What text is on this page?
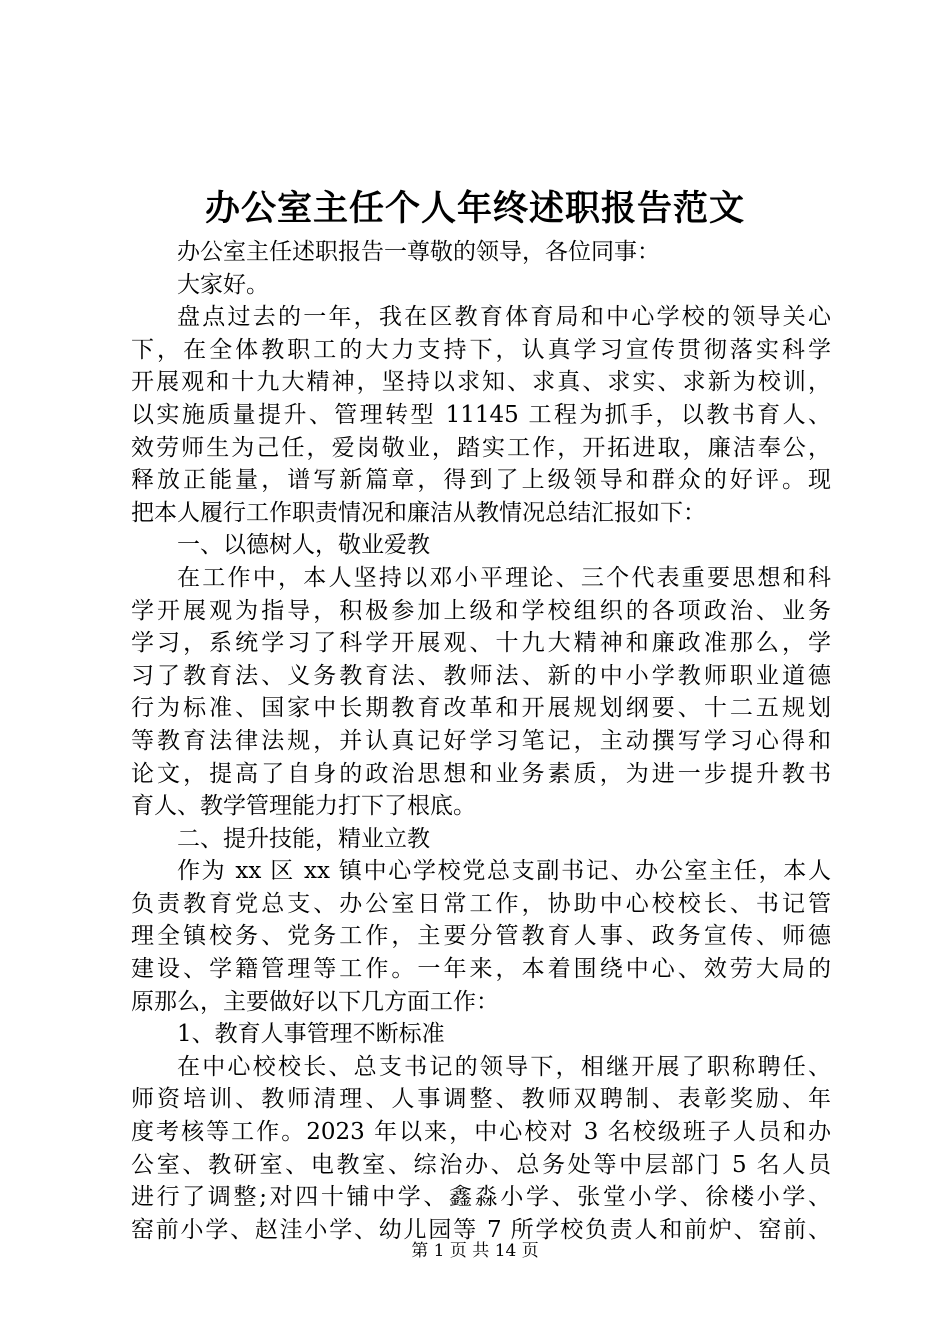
办公室主任个人年终述职报告范文
办公室主任述职报告一尊敬的领导，各位同事：
大家好。
盘点过去的一年，我在区教育体育局和中心学校的领导关心
下，在全体教职工的大力支持下，认真学习宣传贯彻落实科学
开展观和十九大精神，坚持以求知、求真、求实、求新为校训，
以实施质量提升、管理转型 11145 工程为抓手，以教书育人、
效劳师生为己任，爱岗敬业，踏实工作，开拓进取，廉洁奉公，
释放正能量，谱写新篇章，得到了上级领导和群众的好评。现
把本人履行工作职责情况和廉洁从教情况总结汇报如下：
一、以德树人，敬业爱教
在工作中，本人坚持以邓小平理论、三个代表重要思想和科
学开展观为指导，积极参加上级和学校组织的各项政治、业务
学习，系统学习了科学开展观、十九大精神和廉政准那么，学
习了教育法、义务教育法、教师法、新的中小学教师职业道德
行为标准、国家中长期教育改革和开展规划纲要、十二五规划
等教育法律法规，并认真记好学习笔记，主动撰写学习心得和
论文，提高了自身的政治思想和业务素质，为进一步提升教书
育人、教学管理能力打下了根底。
二、提升技能，精业立教
作为 xx 区 xx 镇中心学校党总支副书记、办公室主任，本人
负责教育党总支、办公室日常工作，协助中心校校长、书记管
理全镇校务、党务工作，主要分管教育人事、政务宣传、师德
建设、学籍管理等工作。一年来，本着围绕中心、效劳大局的
原那么，主要做好以下几方面工作：
1、教育人事管理不断标准
在中心校校长、总支书记的领导下，相继开展了职称聘任、
师资培训、教师清理、人事调整、教师双聘制、表彰奖励、年
度考核等工作。2023 年以来，中心校对 3 名校级班子人员和办
公室、教研室、电教室、综治办、总务处等中层部门 5 名人员
进行了调整;对四十铺中学、鑫淼小学、张堂小学、徐楼小学、
窑前小学、赵洼小学、幼儿园等 7 所学校负责人和前炉、窑前、
第 1 页 共 14 页
